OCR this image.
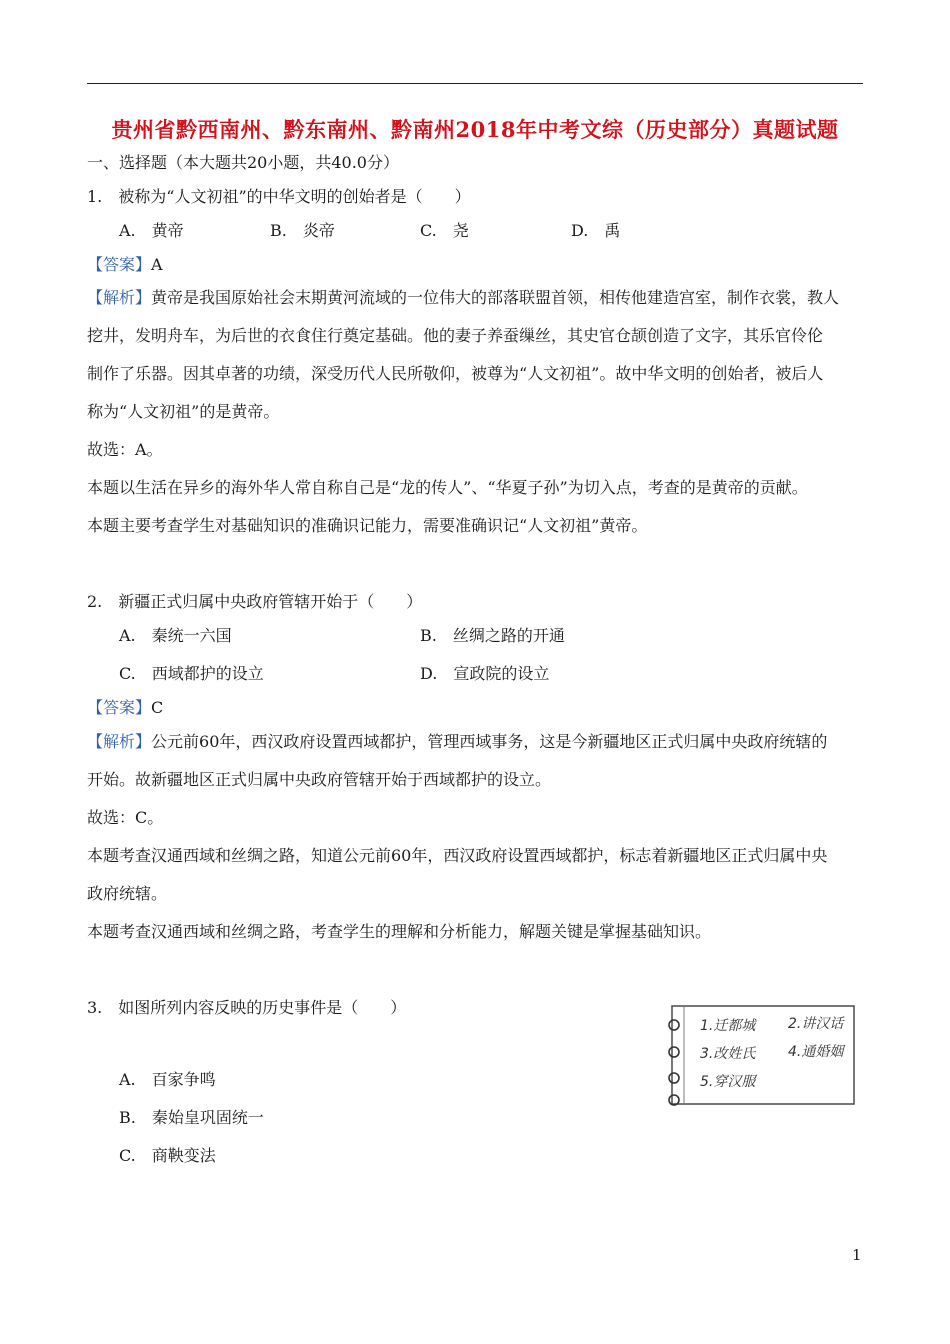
贵州省黔西南州、黔东南州、黔南州2018年中考文综（历史部分）真题试题
一、选择题（本大题共20小题，共40.0分）
1.　被称为“人文初祖”的中华文明的创始者是（　　）
A.　黄帝	B.　炎帝	C.　尧	D.　禹
【答案】A
【解析】黄帝是我国原始社会末期黄河流域的一位伟大的部落联盟首领，相传他建造宫室，制作衣裳，教人
挖井，发明舟车，为后世的衣食住行奠定基础。他的妻子养蚕缫丝，其史官仓颉创造了文字，其乐官伶伦
制作了乐器。因其卓著的功绩，深受历代人民所敬仰，被尊为“人文初祖”。故中华文明的创始者，被后人
称为“人文初祖”的是黄帝。
故选：A。
本题以生活在异乡的海外华人常自称自己是“龙的传人”、“华夏子孙”为切入点，考查的是黄帝的贡献。
本题主要考查学生对基础知识的准确识记能力，需要准确识记“人文初祖”黄帝。
2.　新疆正式归属中央政府管辖开始于（　　）
A.　秦统一六国	B.　丝绸之路的开通
C.　西域都护的设立	D.　宣政院的设立
【答案】C
【解析】公元前60年，西汉政府设置西域都护，管理西域事务，这是今新疆地区正式归属中央政府统辖的
开始。故新疆地区正式归属中央政府管辖开始于西域都护的设立。
故选：C。
本题考查汉通西域和丝绸之路，知道公元前60年，西汉政府设置西域都护，标志着新疆地区正式归属中央
政府统辖。
本题考查汉通西域和丝绸之路，考查学生的理解和分析能力，解题关键是掌握基础知识。
3.　如图所列内容反映的历史事件是（　　）
A.　百家争鸣
B.　秦始皇巩固统一
C.　商鞅变法
1.迁都城 2.讲汉话
3.改姓氏 4.通婚姻
5.穿汉服
1
